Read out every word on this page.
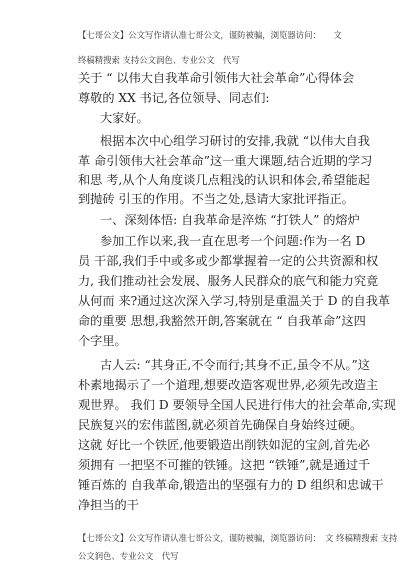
【七哥公文】公文写作请认准七哥公文，谨防被骗，浏览器访问：　　文
终稿精搜索 支持公文润色、专业公文　代写
关于 “ 以伟大自我革命引领伟大社会革命”心得体会
尊敬的 XX 书记,各位领导、同志们:
大家好。
根据本次中心组学习研讨的安排,我就 “以伟大自我
革 命引领伟大社会革命”这一重大课题,结合近期的学习
和思 考,从个人角度谈几点粗浅的认识和体会,希望能起
到抛砖 引玉的作用。不当之处,恳请大家批评指正。
一、深刻体悟: 自我革命是淬炼 “打铁人” 的熔炉
参加工作以来,我一直在思考一个问题:作为一名 D
员 干部,我们手中或多或少都掌握着一定的公共资源和权
力, 我们推动社会发展、服务人民群众的底气和能力究竟
从何而 来?通过这次深入学习,特别是重温关于 D 的自我革
命的重要 思想,我豁然开朗,答案就在 “ 自我革命”这四
个字里。
古人云: “其身正,不令而行;其身不正,虽令不从。”这
朴素地揭示了一个道理,想要改造客观世界,必须先改造主
观世界。 我们 D 要领导全国人民进行伟大的社会革命,实现
民族复兴的宏伟蓝图,就必须首先确保自身始终过硬。
这就 好比一个铁匠,他要锻造出削铁如泥的宝剑,首先必
须拥有 一把坚不可摧的铁锤。这把 “铁锤”,就是通过千
锤百炼的 自我革命,锻造出的坚强有力的 D 组织和忠诚干
净担当的干
【七哥公文】公文写作请认准七哥公文，谨防被骗，浏览器访问：　文 终稿精搜索 支持
公文润色、专业公文　代写
